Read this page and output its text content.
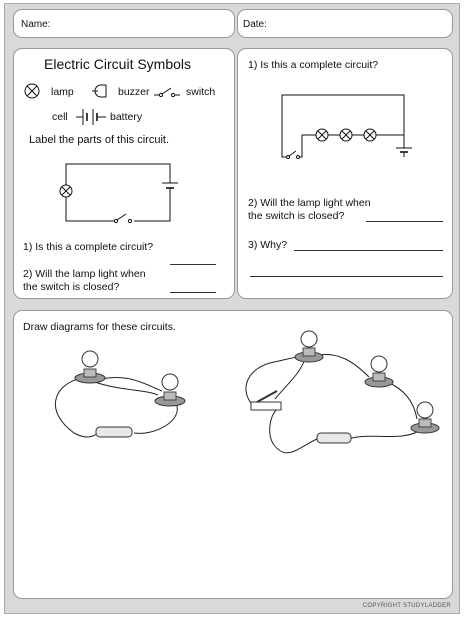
Name:	Date:
Electric Circuit Symbols
lamp	buzzer	switch
cell	battery
Label the parts of this circuit.
1) Is this a complete circuit?
2) Will the lamp light when
the switch is closed?
1) Is this a complete circuit?
2) Will the lamp light when
the switch is closed?
3) Why?
Draw diagrams for these circuits.
COPYRIGHT STUDYLADDER
